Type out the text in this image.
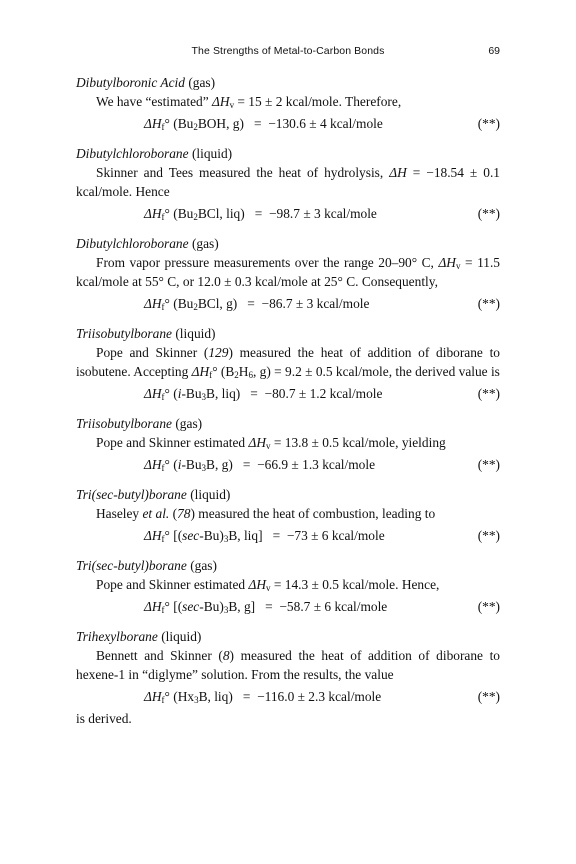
The Strengths of Metal-to-Carbon Bonds	69

Dibutylboronic Acid (gas)

We have “estimated” $\Delta H_v = 15 \pm 2$ kcal/mole. Therefore,

$\Delta H_f^\circ$ ($Bu_2BOH$, g)   =  −130.6 ± 4 kcal/mole	(**)

Dibutylchloroborane (liquid)

Skinner and Tees measured the heat of hydrolysis, ΔH = −18.54 ± 0.1 kcal/mole. Hence

$\Delta H_f^\circ$ ($Bu_2BCl$, liq)   =  −98.7 ± 3 kcal/mole	(**)

Dibutylchloroborane (gas)

From vapor pressure measurements over the range 20–90° C, $\Delta H_v = 11.5$ kcal/mole at 55° C, or 12.0 ± 0.3 kcal/mole at 25° C. Consequently,

$\Delta H_f^\circ$ ($Bu_2BCl$, g)   =  −86.7 ± 3 kcal/mole	(**)

Triisobutylborane (liquid)

Pope and Skinner (129) measured the heat of addition of diborane to isobutene. Accepting $\Delta H_f^\circ$ ($B_2H_6$, g) = 9.2 ± 0.5 kcal/mole, the derived value is

$\Delta H_f^\circ$ ($i-Bu_3B$, liq)   =  −80.7 ± 1.2 kcal/mole	(**)

Triisobutylborane (gas)

Pope and Skinner estimated $\Delta H_v = 13.8 \pm 0.5$ kcal/mole, yielding

$\Delta H_f^\circ$ ($i-Bu_3B$, g)   =  −66.9 ± 1.3 kcal/mole	(**)

Tri(sec-butyl)borane (liquid)

Haseley et al. (78) measured the heat of combustion, leading to

$\Delta H_f^\circ$ [$(\sec-Bu)_3B$, liq]   =  −73 ± 6 kcal/mole	(**)

Tri(sec-butyl)borane (gas)

Pope and Skinner estimated $\Delta H_v = 14.3 \pm 0.5$ kcal/mole. Hence,

$\Delta H_f^\circ$ [$(\sec-Bu)_3B$, g]   =  −58.7 ± 6 kcal/mole	(**)

Trihexylborane (liquid)

Bennett and Skinner (8) measured the heat of addition of diborane to hexene-1 in “diglyme” solution. From the results, the value

$\Delta H_f^\circ$ ($Hx_3B$, liq)   =  −116.0 ± 2.3 kcal/mole	(**)

is derived.
